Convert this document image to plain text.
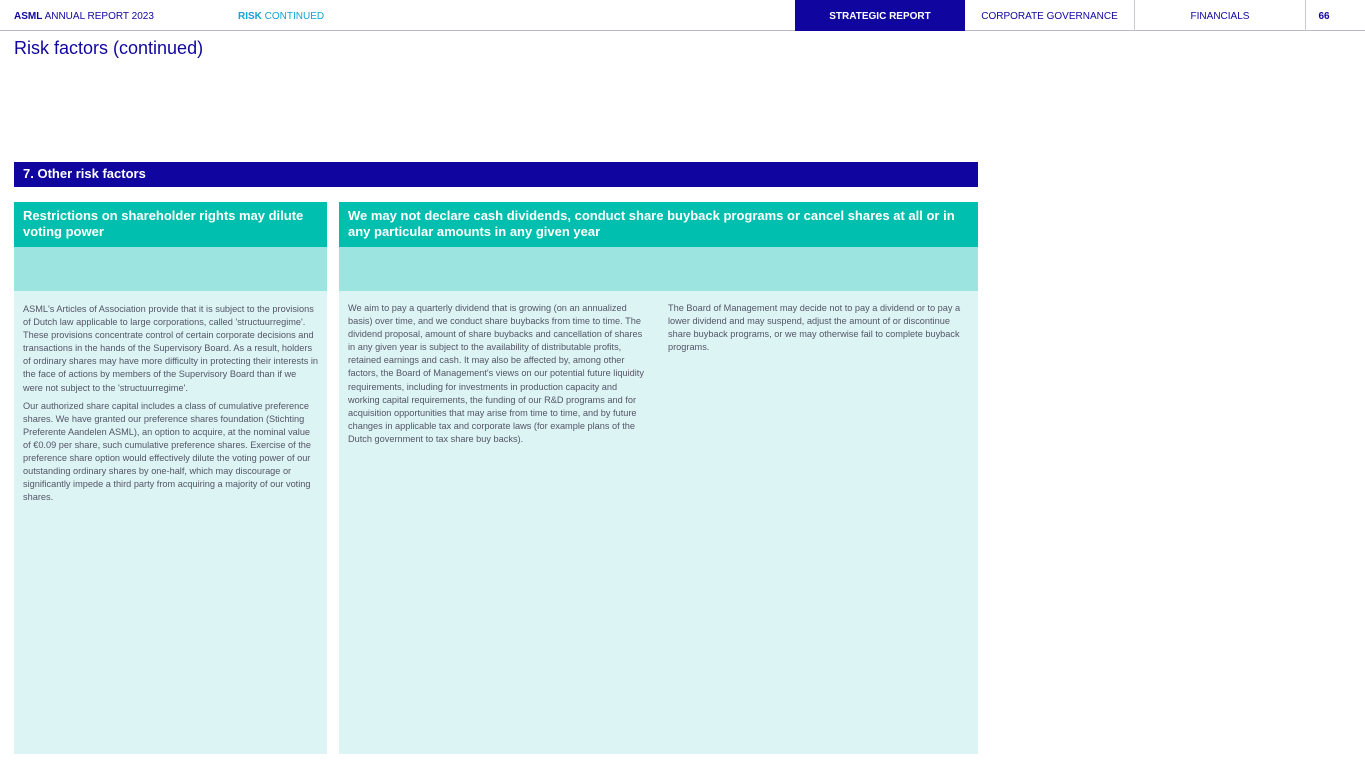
ASML ANNUAL REPORT 2023	RISK CONTINUED	STRATEGIC REPORT	CORPORATE GOVERNANCE	FINANCIALS	66
Risk factors (continued)
7. Other risk factors
Restrictions on shareholder rights may dilute voting power

ASML's Articles of Association provide that it is subject to the provisions of Dutch law applicable to large corporations, called 'structuurregime'. These provisions concentrate control of certain corporate decisions and transactions in the hands of the Supervisory Board. As a result, holders of ordinary shares may have more difficulty in protecting their interests in the face of actions by members of the Supervisory Board than if we were not subject to the 'structuurregime'.

Our authorized share capital includes a class of cumulative preference shares. We have granted our preference shares foundation (Stichting Preferente Aandelen ASML), an option to acquire, at the nominal value of €0.09 per share, such cumulative preference shares. Exercise of the preference share option would effectively dilute the voting power of our outstanding ordinary shares by one-half, which may discourage or significantly impede a third party from acquiring a majority of our voting shares.

We may not declare cash dividends, conduct share buyback programs or cancel shares at all or in any particular amounts in any given year

We aim to pay a quarterly dividend that is growing (on an annualized basis) over time, and we conduct share buybacks from time to time. The dividend proposal, amount of share buybacks and cancellation of shares in any given year is subject to the availability of distributable profits, retained earnings and cash. It may also be affected by, among other factors, the Board of Management's views on our potential future liquidity requirements, including for investments in production capacity and working capital requirements, the funding of our R&D programs and for acquisition opportunities that may arise from time to time, and by future changes in applicable tax and corporate laws (for example plans of the Dutch government to tax share buy backs).

The Board of Management may decide not to pay a dividend or to pay a lower dividend and may suspend, adjust the amount of or discontinue share buyback programs, or we may otherwise fail to complete buyback programs.
